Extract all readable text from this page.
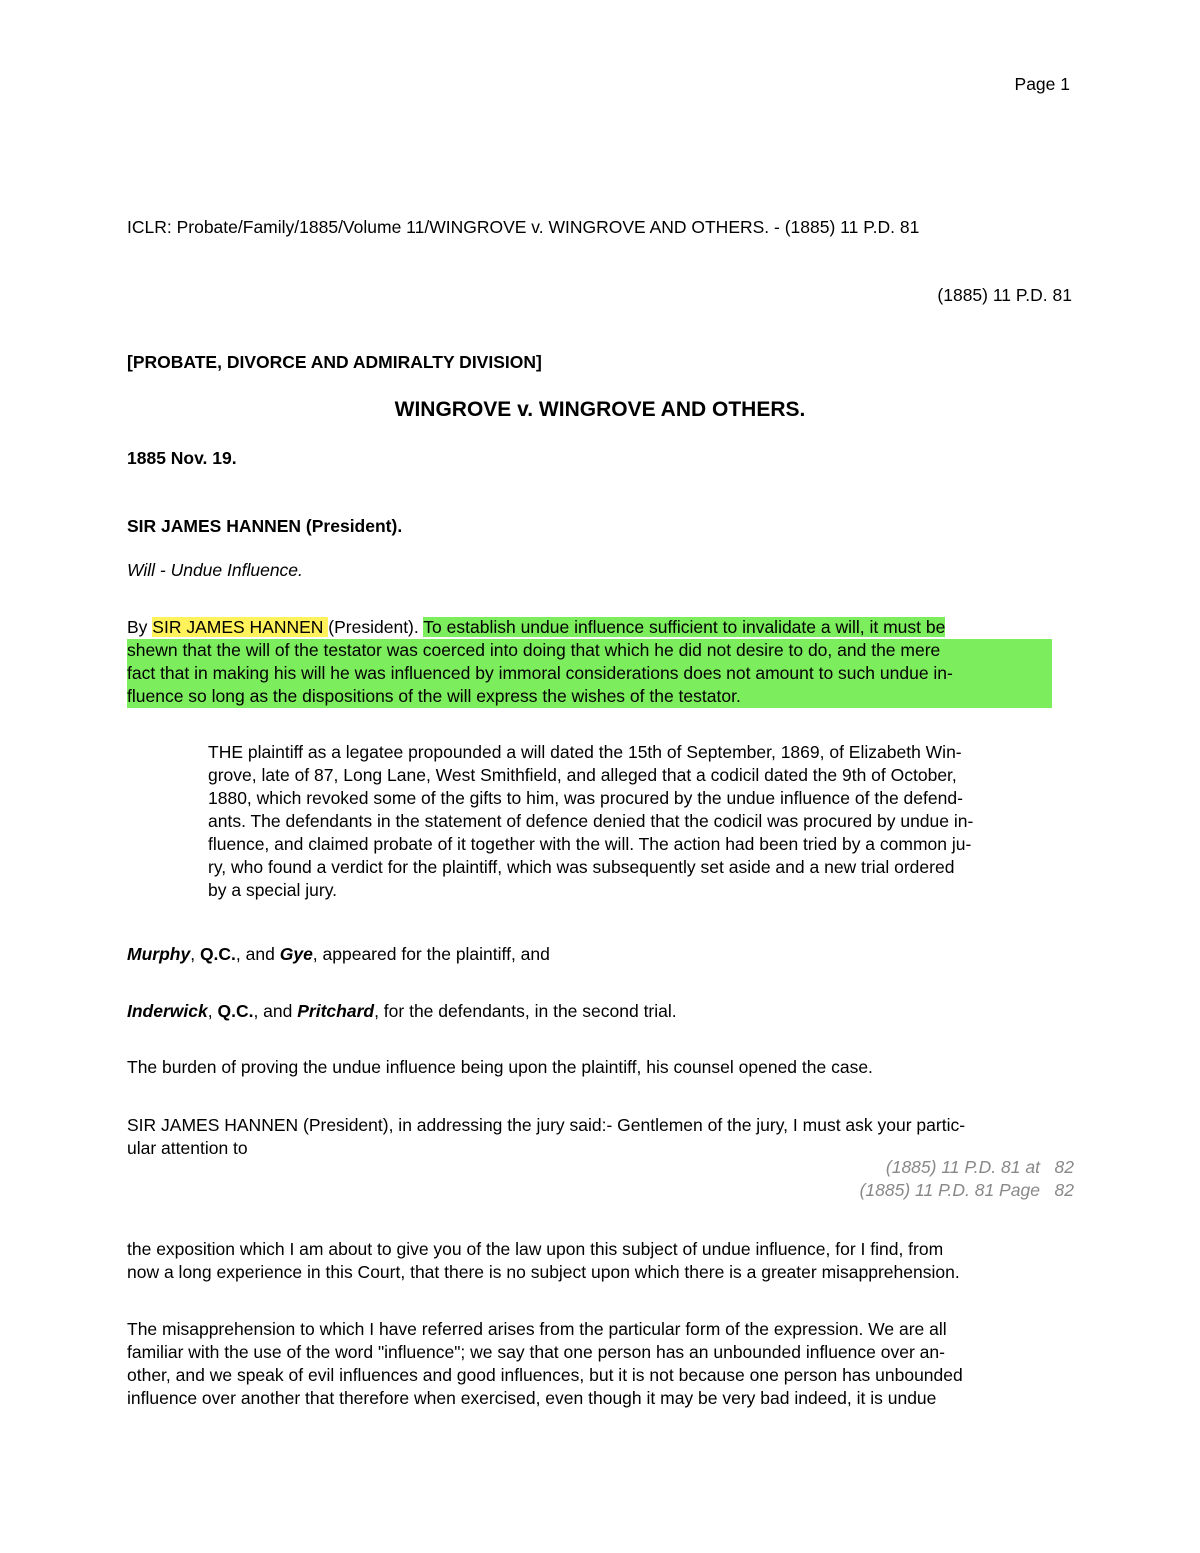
Page 1
ICLR: Probate/Family/1885/Volume 11/WINGROVE v. WINGROVE AND OTHERS. - (1885) 11 P.D. 81
(1885) 11 P.D. 81
[PROBATE, DIVORCE AND ADMIRALTY DIVISION]
WINGROVE v. WINGROVE AND OTHERS.
1885 Nov. 19.
SIR JAMES HANNEN (President).
Will - Undue Influence.
By SIR JAMES HANNEN (President). To establish undue influence sufficient to invalidate a will, it must be
shewn that the will of the testator was coerced into doing that which he did not desire to do, and the mere
fact that in making his will he was influenced by immoral considerations does not amount to such undue in-
fluence so long as the dispositions of the will express the wishes of the testator.
THE plaintiff as a legatee propounded a will dated the 15th of September, 1869, of Elizabeth Win-
grove, late of 87, Long Lane, West Smithfield, and alleged that a codicil dated the 9th of October,
1880, which revoked some of the gifts to him, was procured by the undue influence of the defend-
ants. The defendants in the statement of defence denied that the codicil was procured by undue in-
fluence, and claimed probate of it together with the will. The action had been tried by a common ju-
ry, who found a verdict for the plaintiff, which was subsequently set aside and a new trial ordered
by a special jury.
Murphy, Q.C., and Gye, appeared for the plaintiff, and
Inderwick, Q.C., and Pritchard, for the defendants, in the second trial.
The burden of proving the undue influence being upon the plaintiff, his counsel opened the case.
SIR JAMES HANNEN (President), in addressing the jury said:- Gentlemen of the jury, I must ask your partic-
ular attention to
(1885) 11 P.D. 81 at 82
(1885) 11 P.D. 81 Page 82
the exposition which I am about to give you of the law upon this subject of undue influence, for I find, from
now a long experience in this Court, that there is no subject upon which there is a greater misapprehension.
The misapprehension to which I have referred arises from the particular form of the expression. We are all
familiar with the use of the word "influence"; we say that one person has an unbounded influence over an-
other, and we speak of evil influences and good influences, but it is not because one person has unbounded
influence over another that therefore when exercised, even though it may be very bad indeed, it is undue
